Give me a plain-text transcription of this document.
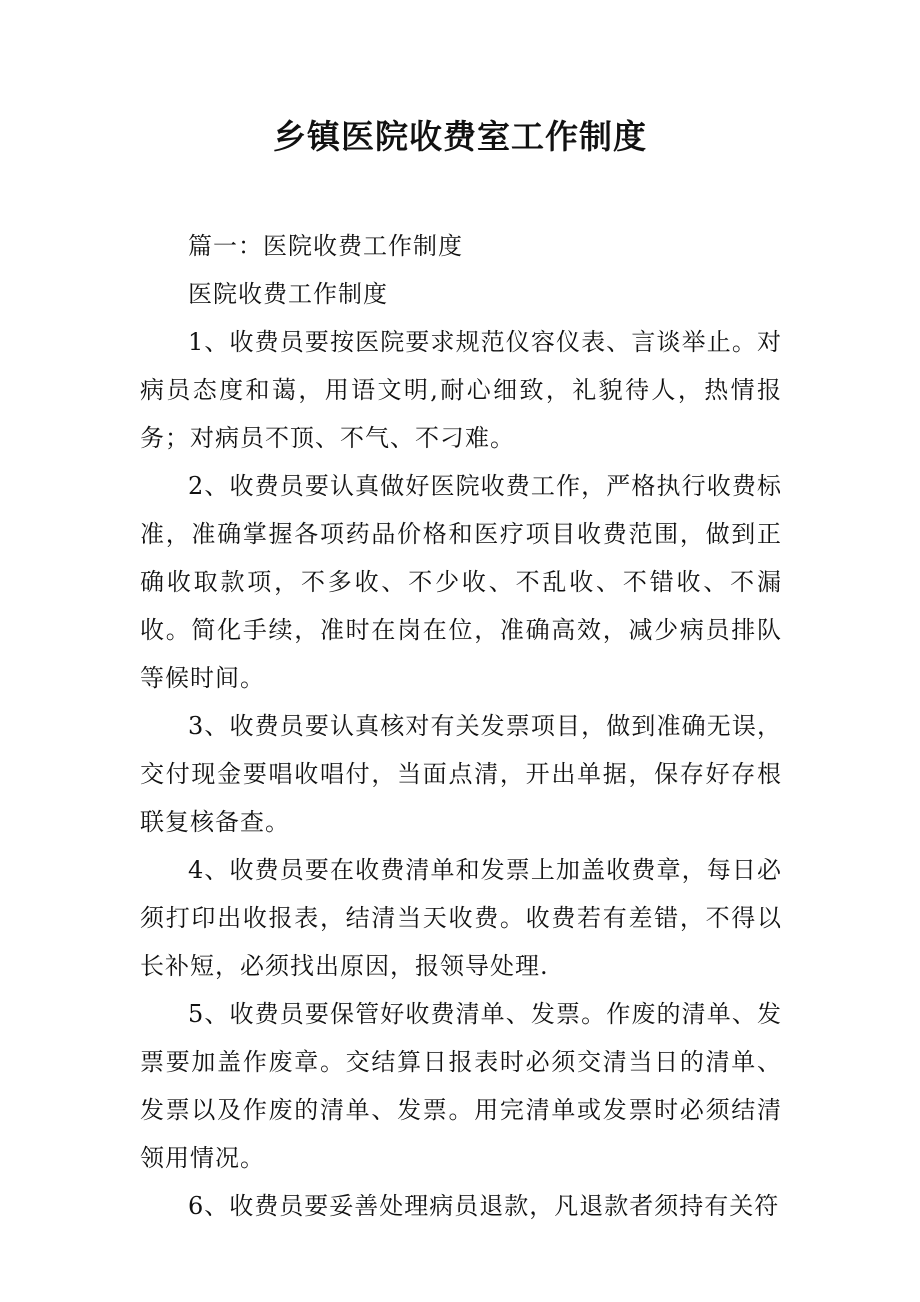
乡镇医院收费室工作制度

篇一：医院收费工作制度

医院收费工作制度

1、收费员要按医院要求规范仪容仪表、言谈举止。对病员态度和蔼，用语文明,耐心细致，礼貌待人，热情报务；对病员不顶、不气、不刁难。

2、收费员要认真做好医院收费工作，严格执行收费标准，准确掌握各项药品价格和医疗项目收费范围，做到正确收取款项，不多收、不少收、不乱收、不错收、不漏收。简化手续，准时在岗在位，准确高效，减少病员排队等候时间。

3、收费员要认真核对有关发票项目，做到准确无误，交付现金要唱收唱付，当面点清，开出单据，保存好存根联复核备查。

4、收费员要在收费清单和发票上加盖收费章，每日必须打印出收报表，结清当天收费。收费若有差错，不得以长补短，必须找出原因，报领导处理.

5、收费员要保管好收费清单、发票。作废的清单、发票要加盖作废章。交结算日报表时必须交清当日的清单、发票以及作废的清单、发票。用完清单或发票时必须结清领用情况。

6、收费员要妥善处理病员退款，凡退款者须持有关符
